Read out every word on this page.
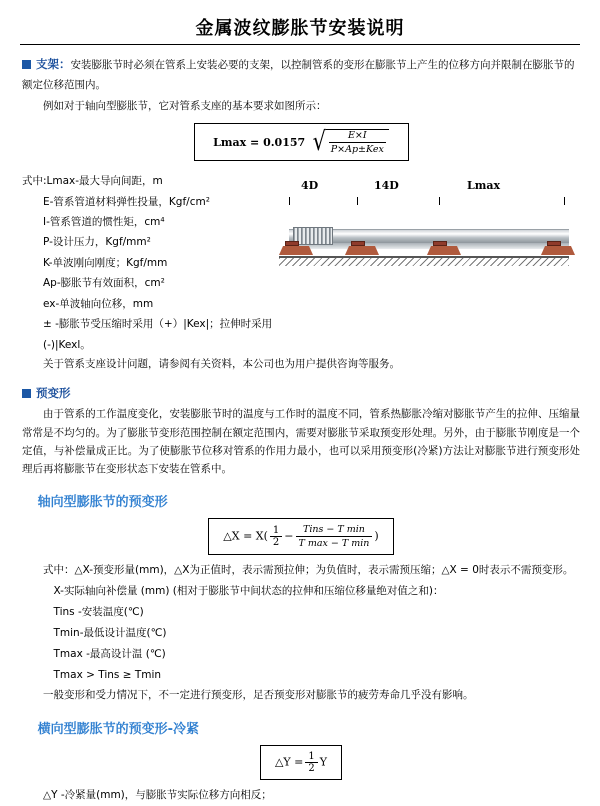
金属波纹膨胀节安装说明
支架：安装膨胀节时必须在管系上安装必要的支架，以控制管系的变形在膨胀节上产生的位移方向并限制在膨胀节的额定位移范围内。
例如对于轴向型膨胀节，它对管系支座的基本要求如图所示：
Lmax = 0.0157 √ $\frac{E\times I}{\text{P×Ap±Kex}}$
式中:Lmax-最大导向间距，m
E-管系管道材料弹性投量，Kgf/cm²
I-管系管道的惯性矩，cm⁴
P-设计压力，Kgf/mm²
K-单波刚向刚度；Kgf/mm
Ap-膨胀节有效面积，cm²
ex-单波轴向位移，mm
± -膨胀节受压缩时采用（+）|Kex|；拉伸时采用(-)|Kexl。
4D	14D	Lmax
关于管系支座设计问题，请参阅有关资料，本公司也为用户提供咨询等服务。
预变形
由于管系的工作温度变化，安装膨胀节时的温度与工作时的温度不同，管系热膨胀冷缩对膨胀节产生的拉伸、压缩量常常是不均匀的。为了膨胀节变形范围控制在额定范围内，需要对膨胀节采取预变形处理。另外，由于膨胀节刚度是一个定值，与补偿量成正比。为了使膨胀节位移对管系的作用力最小，也可以采用预变形(冷紧)方法让对膨胀节进行预变形处理后再将膨胀节在变形状态下安装在管系中。
轴向型膨胀节的预变形
△X = $X( \frac{1}{2}$ −	Tins − T min
T max − T min
)
式中：△X-预变形量(mm)，△X为正值时，表示需预拉伸；为负值时，表示需预压缩；△X = 0时表示不需预变形。
X-实际轴向补偿量 (mm) (相对于膨胀节中间状态的拉伸和压缩位移量绝对值之和)：
Tins -安装温度(℃)
Tmin-最低设计温度(℃)
Tmax -最高设计温 (℃)
Tmax > Tins ≥ Tmin
一般变形和受力情况下，不一定进行预变形，足否预变形对膨胀节的疲劳寿命几乎没有影响。
横向型膨胀节的预变形-冷紧
△Y = $\frac{1}{2}$ Y
△Y -冷紧量(mm)，与膨胀节实际位移方向相反；
